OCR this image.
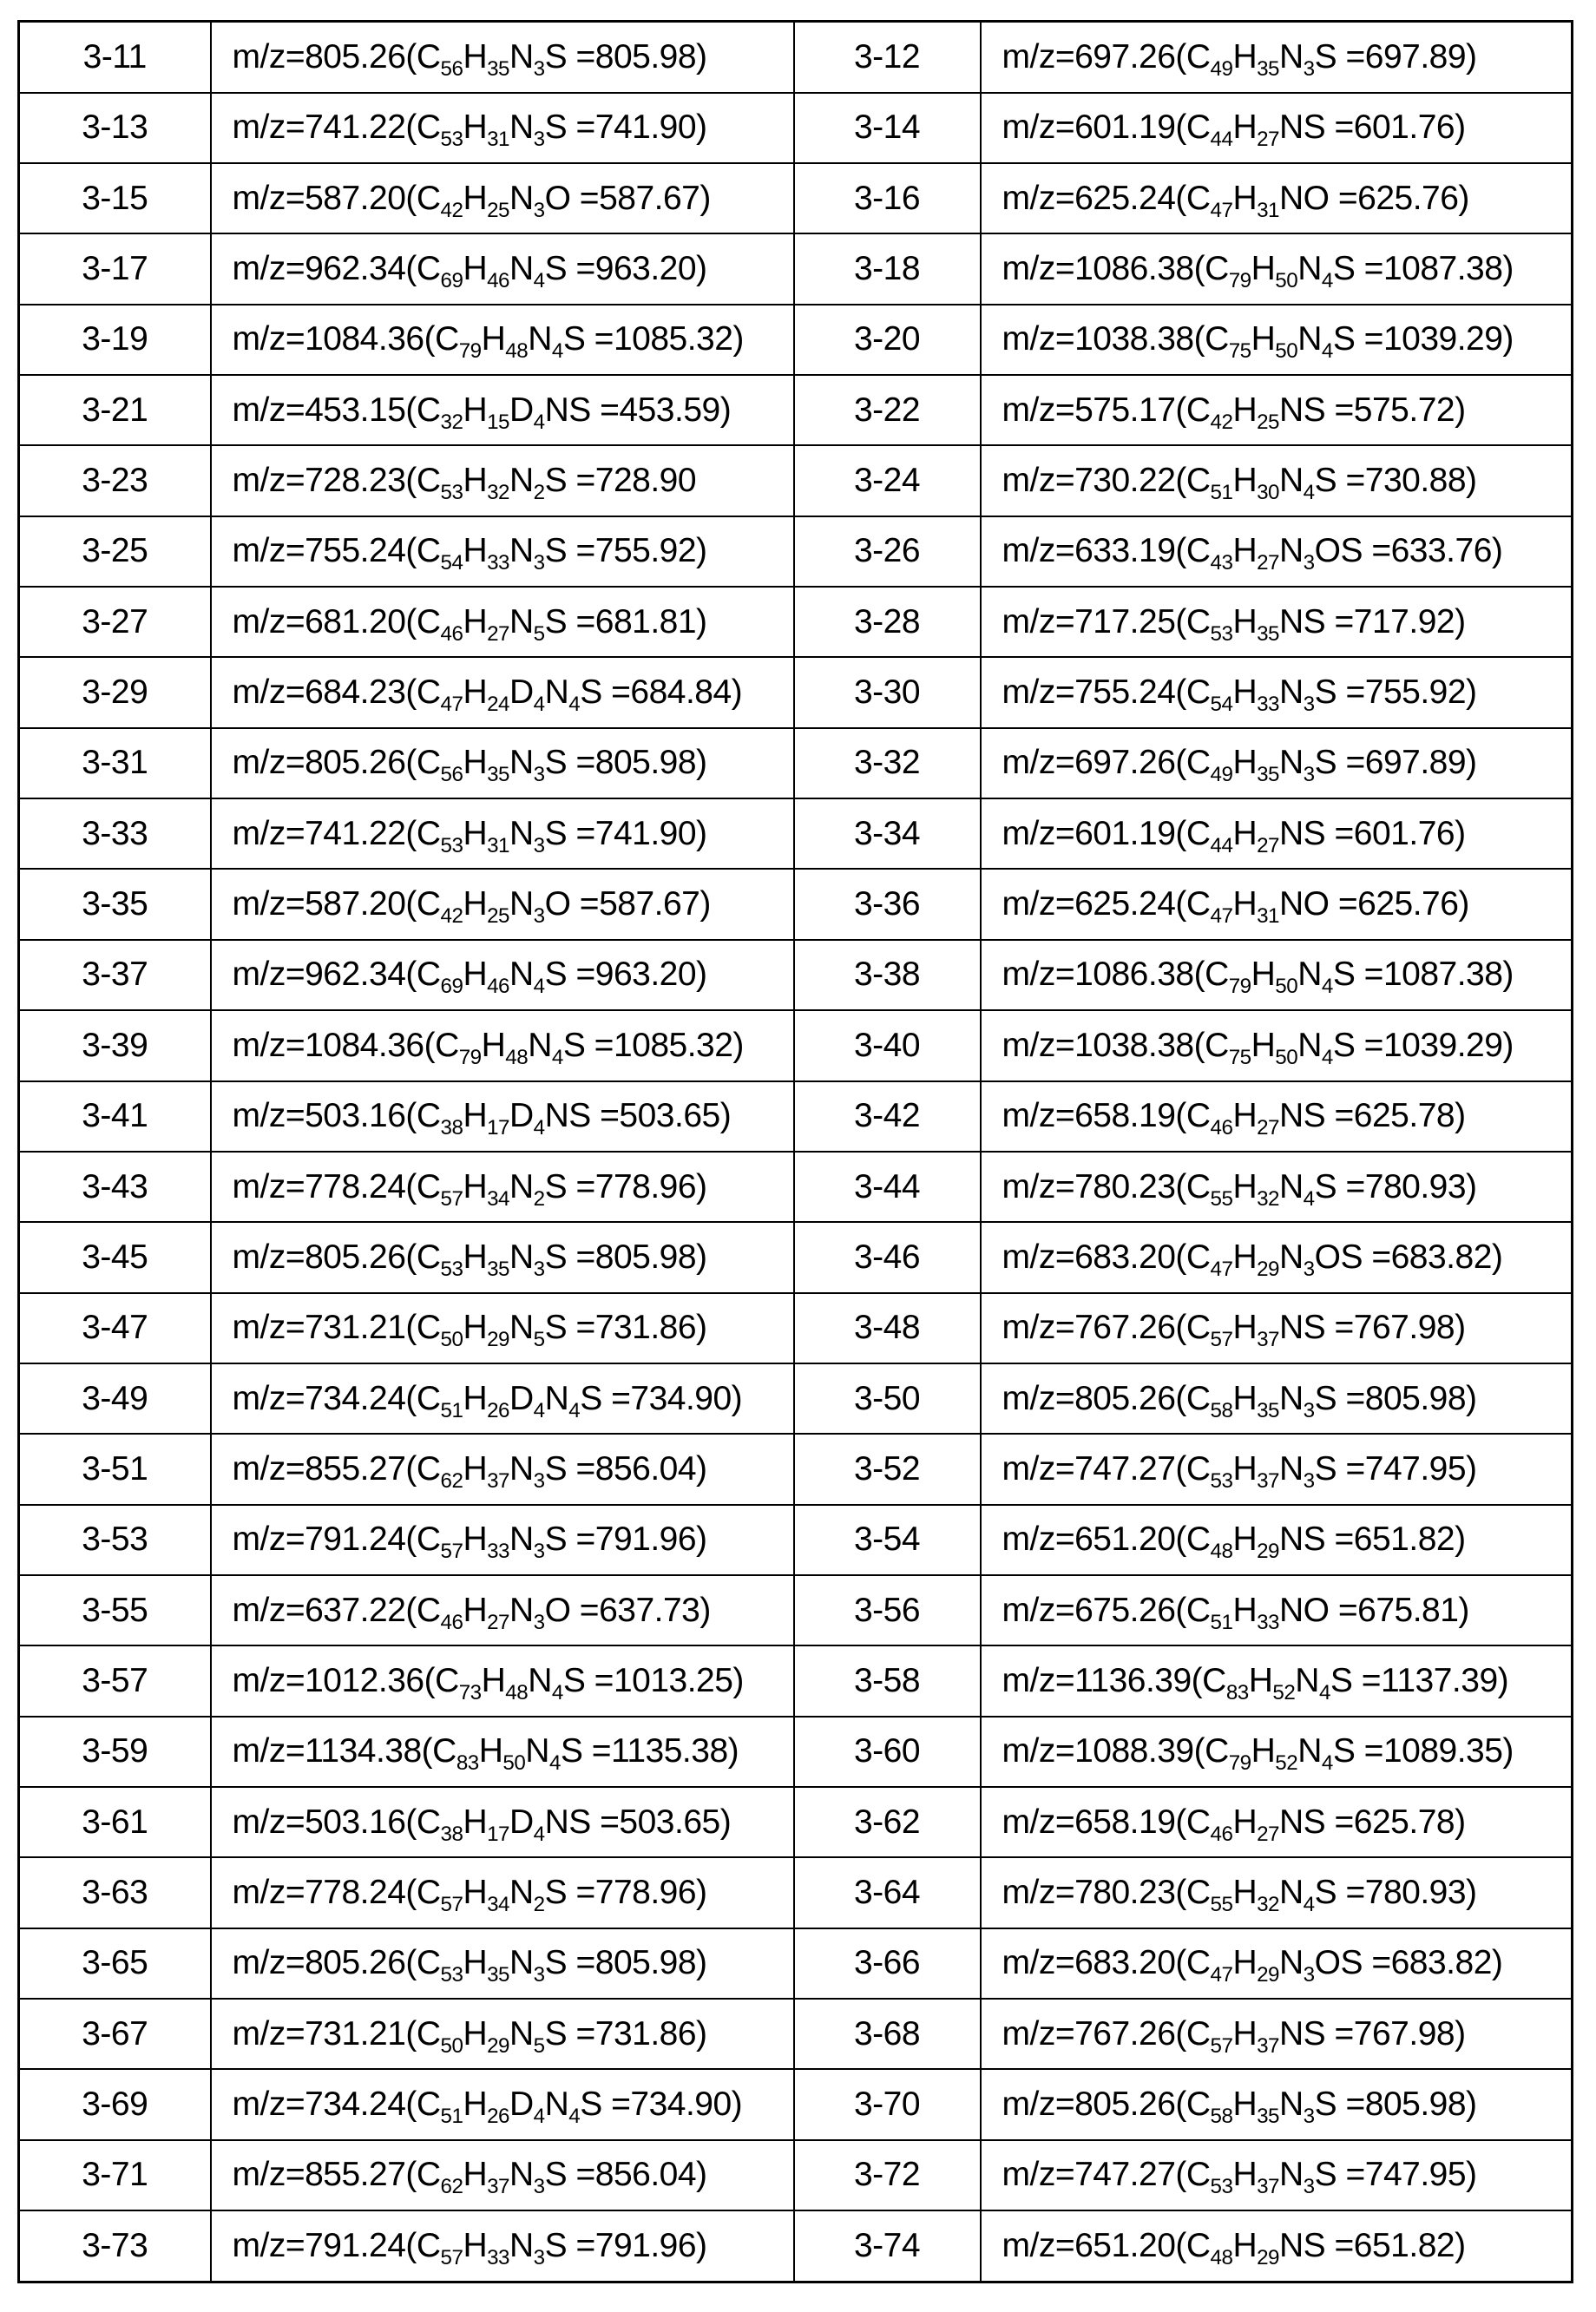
3-11	$m/z=805.26(C_{56}H_{35}N_3S =805.98)$	3-12	$m/z=697.26(C_{49}H_{35}N_3S =697.89)$
3-13	$m/z=741.22(C_{53}H_{31}N_3S =741.90)$	3-14	$m/z=601.19(C_{44}H_{27}NS =601.76)$
3-15	$m/z=587.20(C_{42}H_{25}N_3O =587.67)$	3-16	$m/z=625.24(C_{47}H_{31}NO =625.76)$
3-17	$m/z=962.34(C_{69}H_{46}N_4S =963.20)$	3-18	$m/z=1086.38(C_{79}H_{50}N_4S =1087.38)$
3-19	$m/z=1084.36(C_{79}H_{48}N_4S =1085.32)$	3-20	$m/z=1038.38(C_{75}H_{50}N_4S =1039.29)$
3-21	$m/z=453.15(C_{32}H_{15}D_4NS =453.59)$	3-22	$m/z=575.17(C_{42}H_{25}NS =575.72)$
3-23	$m/z=728.23(C_{53}H_{32}N_2S =728.90$	3-24	$m/z=730.22(C_{51}H_{30}N_4S =730.88)$
3-25	$m/z=755.24(C_{54}H_{33}N_3S =755.92)$	3-26	$m/z=633.19(C_{43}H_{27}N_3OS =633.76)$
3-27	$m/z=681.20(C_{46}H_{27}N_5S =681.81)$	3-28	$m/z=717.25(C_{53}H_{35}NS =717.92)$
3-29	$m/z=684.23(C_{47}H_{24}D_4N_4S =684.84)$	3-30	$m/z=755.24(C_{54}H_{33}N_3S =755.92)$
3-31	$m/z=805.26(C_{56}H_{35}N_3S =805.98)$	3-32	$m/z=697.26(C_{49}H_{35}N_3S =697.89)$
3-33	$m/z=741.22(C_{53}H_{31}N_3S =741.90)$	3-34	$m/z=601.19(C_{44}H_{27}NS =601.76)$
3-35	$m/z=587.20(C_{42}H_{25}N_3O =587.67)$	3-36	$m/z=625.24(C_{47}H_{31}NO =625.76)$
3-37	$m/z=962.34(C_{69}H_{46}N_4S =963.20)$	3-38	$m/z=1086.38(C_{79}H_{50}N_4S =1087.38)$
3-39	$m/z=1084.36(C_{79}H_{48}N_4S =1085.32)$	3-40	$m/z=1038.38(C_{75}H_{50}N_4S =1039.29)$
3-41	$m/z=503.16(C_{38}H_{17}D_4NS =503.65)$	3-42	$m/z=658.19(C_{46}H_{27}NS =625.78)$
3-43	$m/z=778.24(C_{57}H_{34}N_2S =778.96)$	3-44	$m/z=780.23(C_{55}H_{32}N_4S =780.93)$
3-45	$m/z=805.26(C_{53}H_{35}N_3S =805.98)$	3-46	$m/z=683.20(C_{47}H_{29}N_3OS =683.82)$
3-47	$m/z=731.21(C_{50}H_{29}N_5S =731.86)$	3-48	$m/z=767.26(C_{57}H_{37}NS =767.98)$
3-49	$m/z=734.24(C_{51}H_{26}D_4N_4S =734.90)$	3-50	$m/z=805.26(C_{58}H_{35}N_3S =805.98)$
3-51	$m/z=855.27(C_{62}H_{37}N_3S =856.04)$	3-52	$m/z=747.27(C_{53}H_{37}N_3S =747.95)$
3-53	$m/z=791.24(C_{57}H_{33}N_3S =791.96)$	3-54	$m/z=651.20(C_{48}H_{29}NS =651.82)$
3-55	$m/z=637.22(C_{46}H_{27}N_3O =637.73)$	3-56	$m/z=675.26(C_{51}H_{33}NO =675.81)$
3-57	$m/z=1012.36(C_{73}H_{48}N_4S =1013.25)$	3-58	$m/z=1136.39(C_{83}H_{52}N_4S =1137.39)$
3-59	$m/z=1134.38(C_{83}H_{50}N_4S =1135.38)$	3-60	$m/z=1088.39(C_{79}H_{52}N_4S =1089.35)$
3-61	$m/z=503.16(C_{38}H_{17}D_4NS =503.65)$	3-62	$m/z=658.19(C_{46}H_{27}NS =625.78)$
3-63	$m/z=778.24(C_{57}H_{34}N_2S =778.96)$	3-64	$m/z=780.23(C_{55}H_{32}N_4S =780.93)$
3-65	$m/z=805.26(C_{53}H_{35}N_3S =805.98)$	3-66	$m/z=683.20(C_{47}H_{29}N_3OS =683.82)$
3-67	$m/z=731.21(C_{50}H_{29}N_5S =731.86)$	3-68	$m/z=767.26(C_{57}H_{37}NS =767.98)$
3-69	$m/z=734.24(C_{51}H_{26}D_4N_4S =734.90)$	3-70	$m/z=805.26(C_{58}H_{35}N_3S =805.98)$
3-71	$m/z=855.27(C_{62}H_{37}N_3S =856.04)$	3-72	$m/z=747.27(C_{53}H_{37}N_3S =747.95)$
3-73	$m/z=791.24(C_{57}H_{33}N_3S =791.96)$	3-74	$m/z=651.20(C_{48}H_{29}NS =651.82)$
